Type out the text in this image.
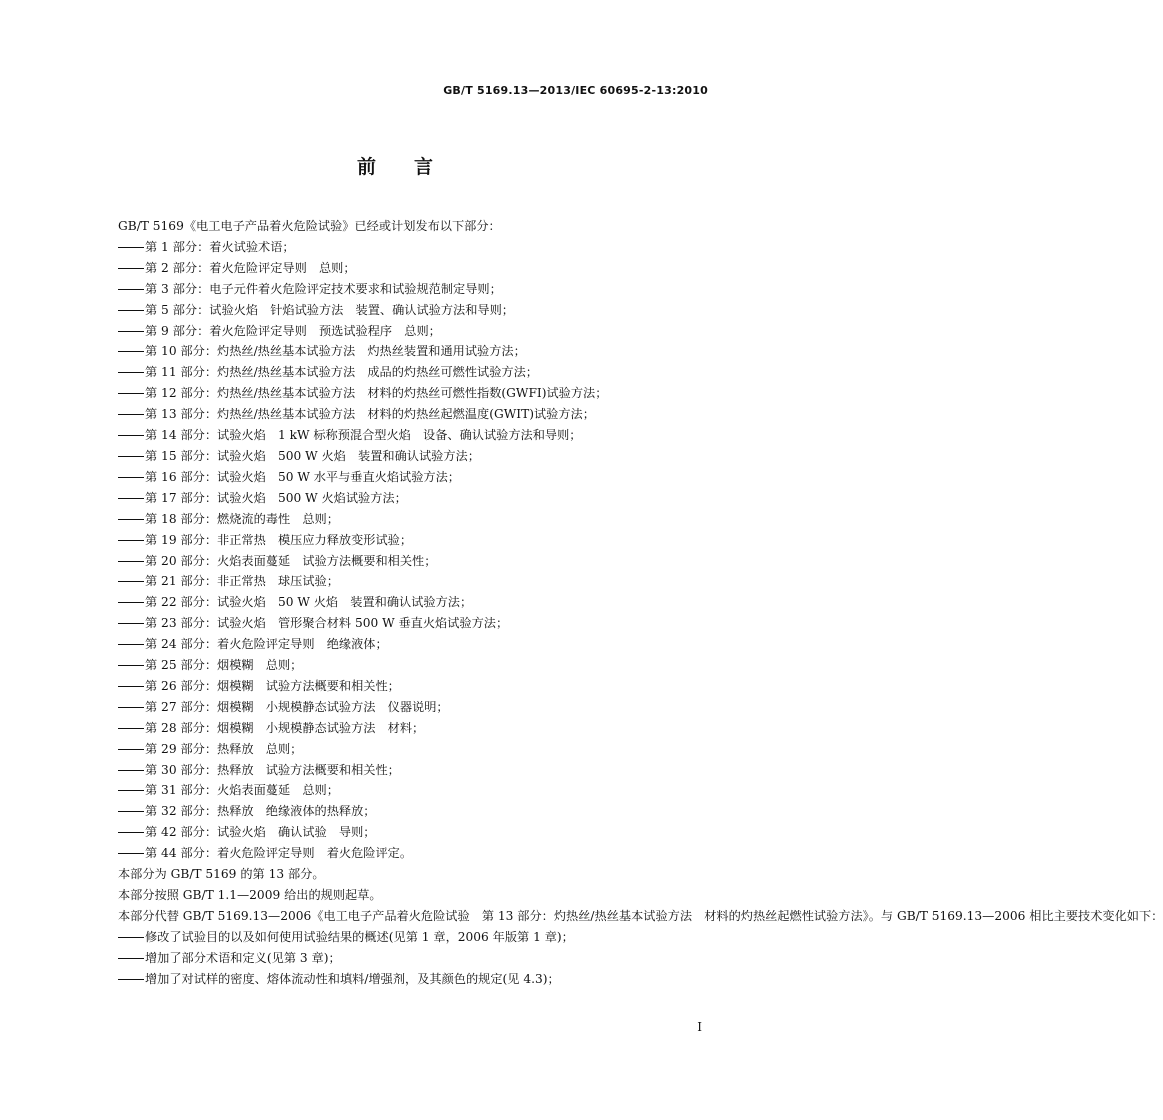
GB/T 5169.13—2013/IEC 60695-2-13:2010
前 言

GB/T 5169《电工电子产品着火危险试验》已经或计划发布以下部分：

第 1 部分：着火试验术语；

第 2 部分：着火危险评定导则　总则；

第 3 部分：电子元件着火危险评定技术要求和试验规范制定导则；

第 5 部分：试验火焰　针焰试验方法　装置、确认试验方法和导则；

第 9 部分：着火危险评定导则　预选试验程序　总则；

第 10 部分：灼热丝/热丝基本试验方法　灼热丝装置和通用试验方法；

第 11 部分：灼热丝/热丝基本试验方法　成品的灼热丝可燃性试验方法；

第 12 部分：灼热丝/热丝基本试验方法　材料的灼热丝可燃性指数(GWFI)试验方法；

第 13 部分：灼热丝/热丝基本试验方法　材料的灼热丝起燃温度(GWIT)试验方法；

第 14 部分：试验火焰　1 kW 标称预混合型火焰　设备、确认试验方法和导则；

第 15 部分：试验火焰　500 W 火焰　装置和确认试验方法；

第 16 部分：试验火焰　50 W 水平与垂直火焰试验方法；

第 17 部分：试验火焰　500 W 火焰试验方法；

第 18 部分：燃烧流的毒性　总则；

第 19 部分：非正常热　模压应力释放变形试验；

第 20 部分：火焰表面蔓延　试验方法概要和相关性；

第 21 部分：非正常热　球压试验；

第 22 部分：试验火焰　50 W 火焰　装置和确认试验方法；

第 23 部分：试验火焰　管形聚合材料 500 W 垂直火焰试验方法；

第 24 部分：着火危险评定导则　绝缘液体；

第 25 部分：烟模糊　总则；

第 26 部分：烟模糊　试验方法概要和相关性；

第 27 部分：烟模糊　小规模静态试验方法　仪器说明；

第 28 部分：烟模糊　小规模静态试验方法　材料；

第 29 部分：热释放　总则；

第 30 部分：热释放　试验方法概要和相关性；

第 31 部分：火焰表面蔓延　总则；

第 32 部分：热释放　绝缘液体的热释放；

第 42 部分：试验火焰　确认试验　导则；

第 44 部分：着火危险评定导则　着火危险评定。

本部分为 GB/T 5169 的第 13 部分。

本部分按照 GB/T 1.1—2009 给出的规则起草。

本部分代替 GB/T 5169.13—2006《电工电子产品着火危险试验　第 13 部分：灼热丝/热丝基本试验方法　材料的灼热丝起燃性试验方法》。与 GB/T 5169.13—2006 相比主要技术变化如下：

修改了试验目的以及如何使用试验结果的概述(见第 1 章，2006 年版第 1 章)；

增加了部分术语和定义(见第 3 章)；

增加了对试样的密度、熔体流动性和填料/增强剂，及其颜色的规定(见 4.3)；

I
